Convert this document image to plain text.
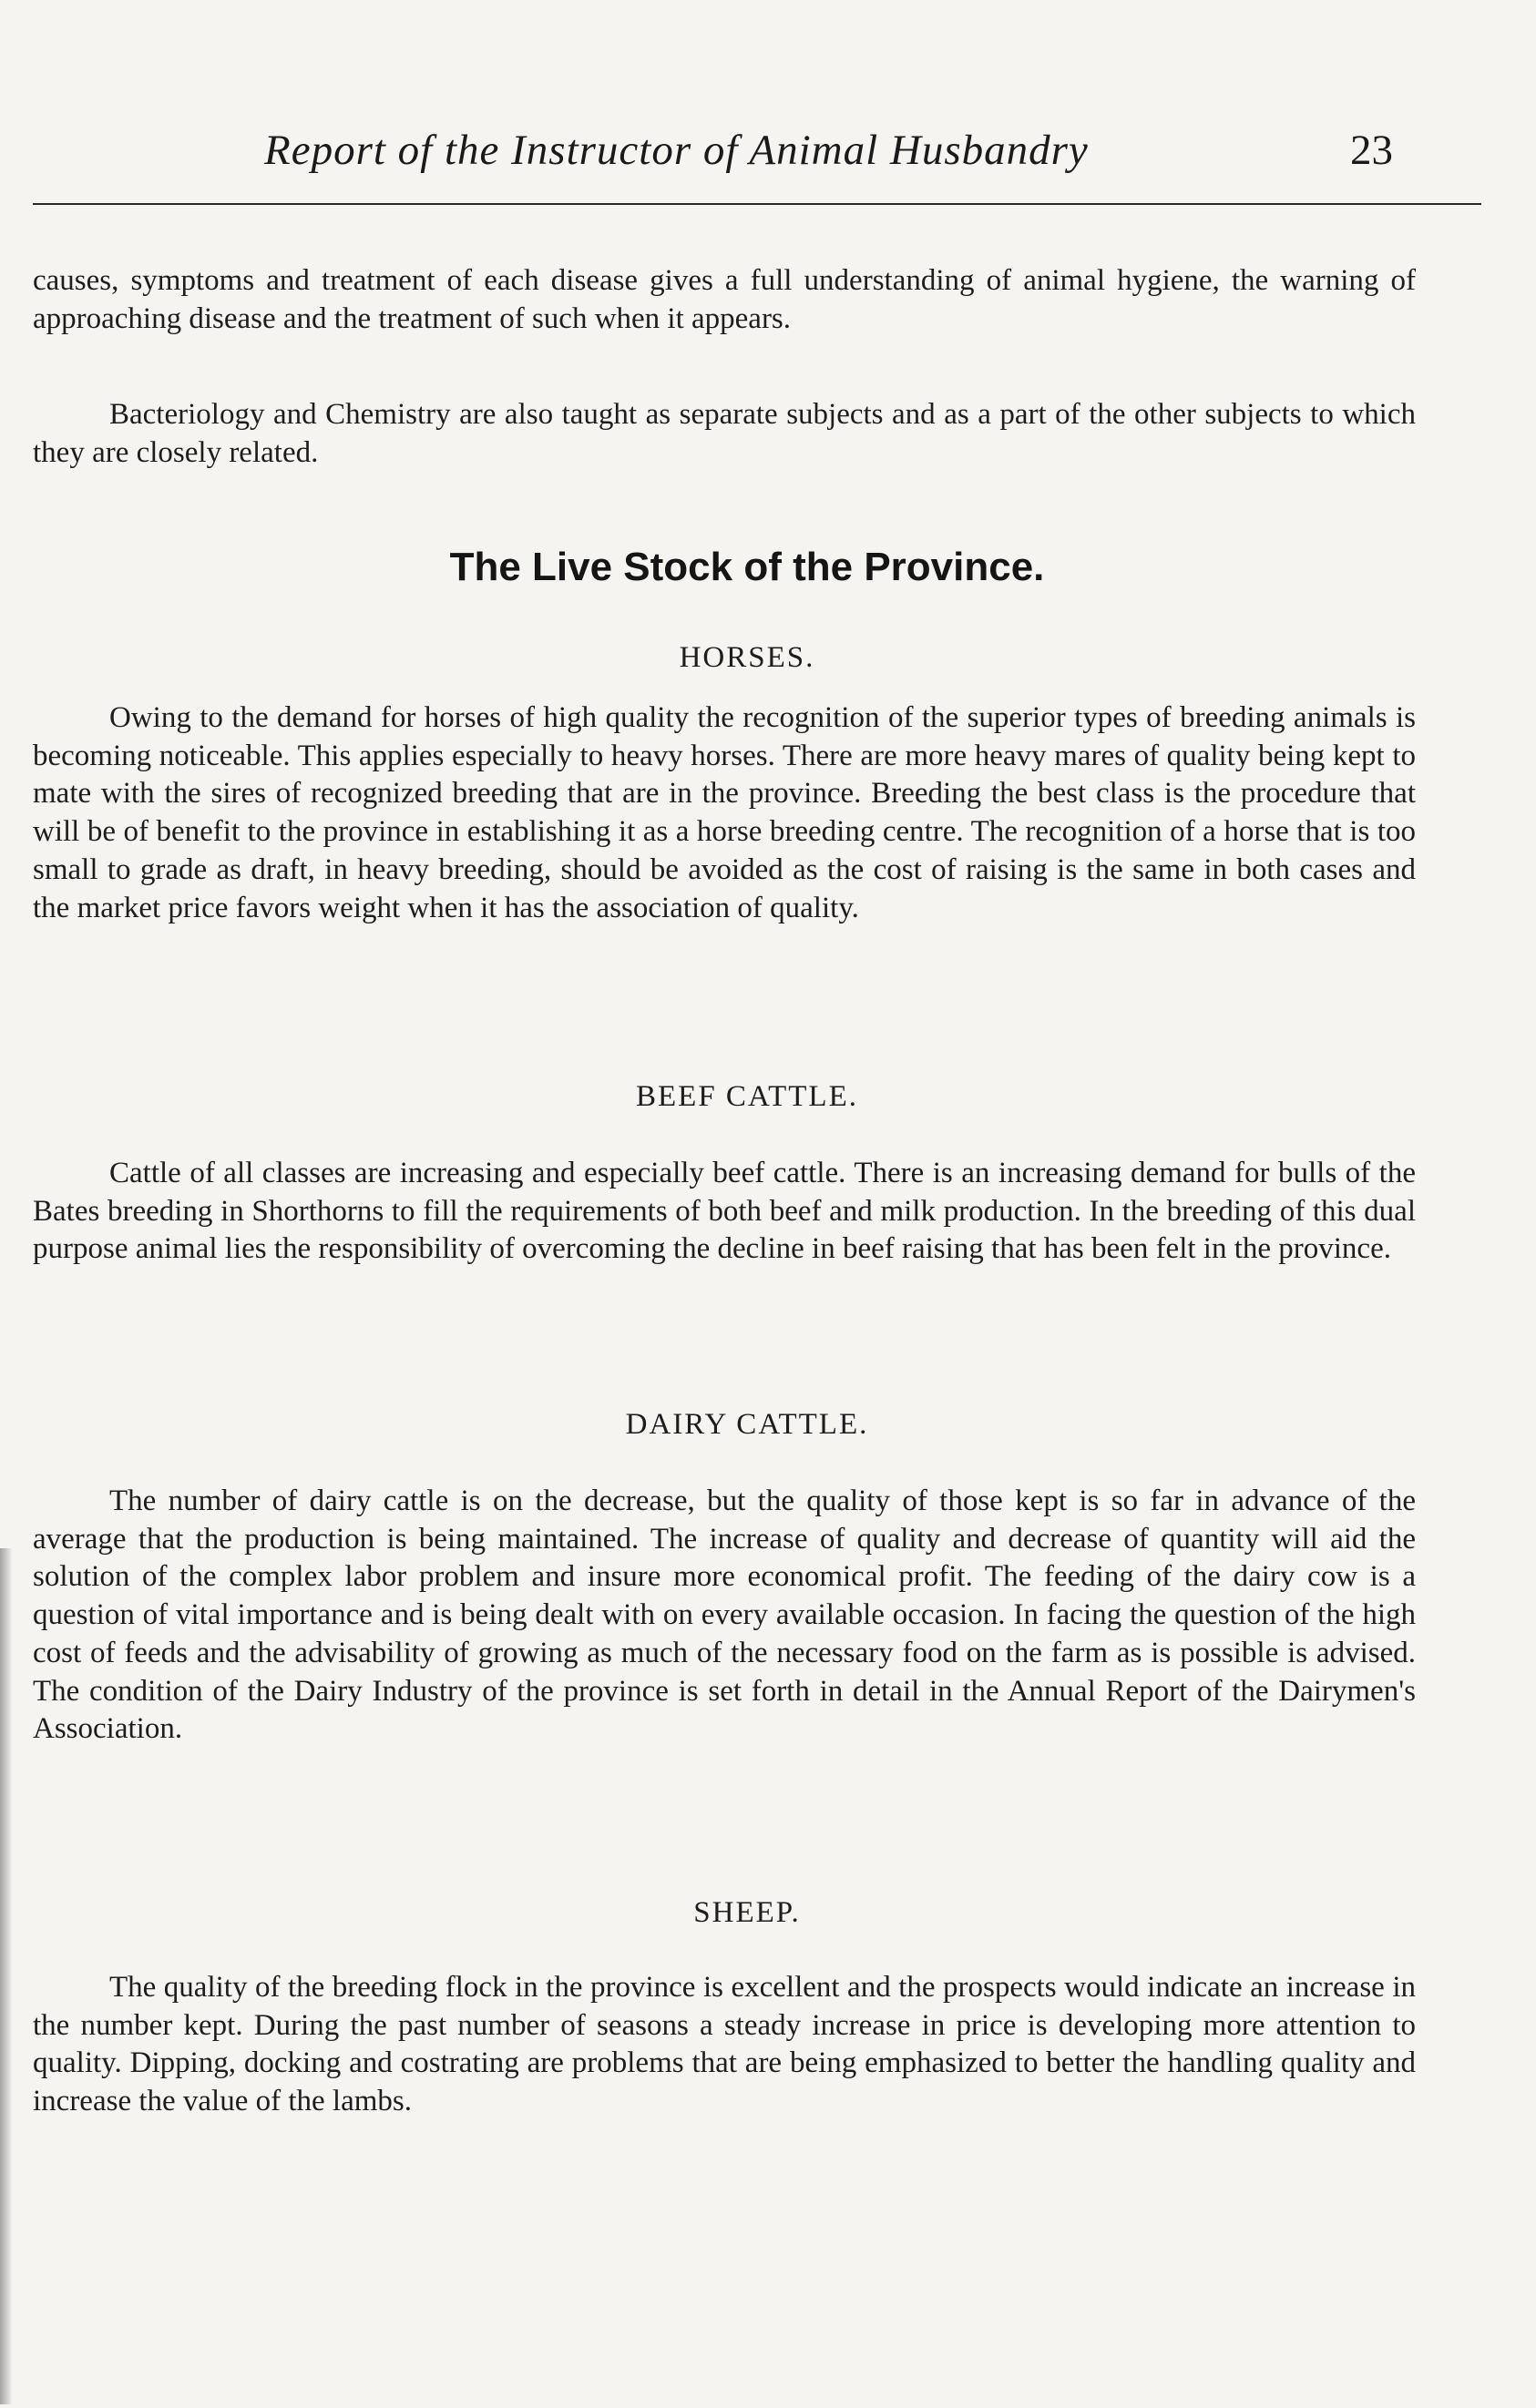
Report of the Instructor of Animal Husbandry	23

causes, symptoms and treatment of each disease gives a full understanding of animal hygiene, the warning of approaching disease and the treatment of such when it appears.

Bacteriology and Chemistry are also taught as separate subjects and as a part of the other subjects to which they are closely related.

The Live Stock of the Province.
HORSES.

Owing to the demand for horses of high quality the recognition of the superior types of breeding animals is becoming noticeable. This applies especially to heavy horses. There are more heavy mares of quality being kept to mate with the sires of recognized breeding that are in the province. Breeding the best class is the procedure that will be of benefit to the province in establishing it as a horse breeding centre. The recognition of a horse that is too small to grade as draft, in heavy breeding, should be avoided as the cost of raising is the same in both cases and the market price favors weight when it has the association of quality.

BEEF CATTLE.

Cattle of all classes are increasing and especially beef cattle. There is an increasing demand for bulls of the Bates breeding in Shorthorns to fill the requirements of both beef and milk production. In the breeding of this dual purpose animal lies the responsibility of overcoming the decline in beef raising that has been felt in the province.

DAIRY CATTLE.

The number of dairy cattle is on the decrease, but the quality of those kept is so far in advance of the average that the production is being maintained. The increase of quality and decrease of quantity will aid the solution of the complex labor problem and insure more economical profit. The feeding of the dairy cow is a question of vital importance and is being dealt with on every available occasion. In facing the question of the high cost of feeds and the advisability of growing as much of the necessary food on the farm as is possible is advised. The condition of the Dairy Industry of the province is set forth in detail in the Annual Report of the Dairymen's Association.

SHEEP.

The quality of the breeding flock in the province is excellent and the prospects would indicate an increase in the number kept. During the past number of seasons a steady increase in price is developing more attention to quality. Dipping, docking and costrating are problems that are being emphasized to better the handling quality and increase the value of the lambs.
